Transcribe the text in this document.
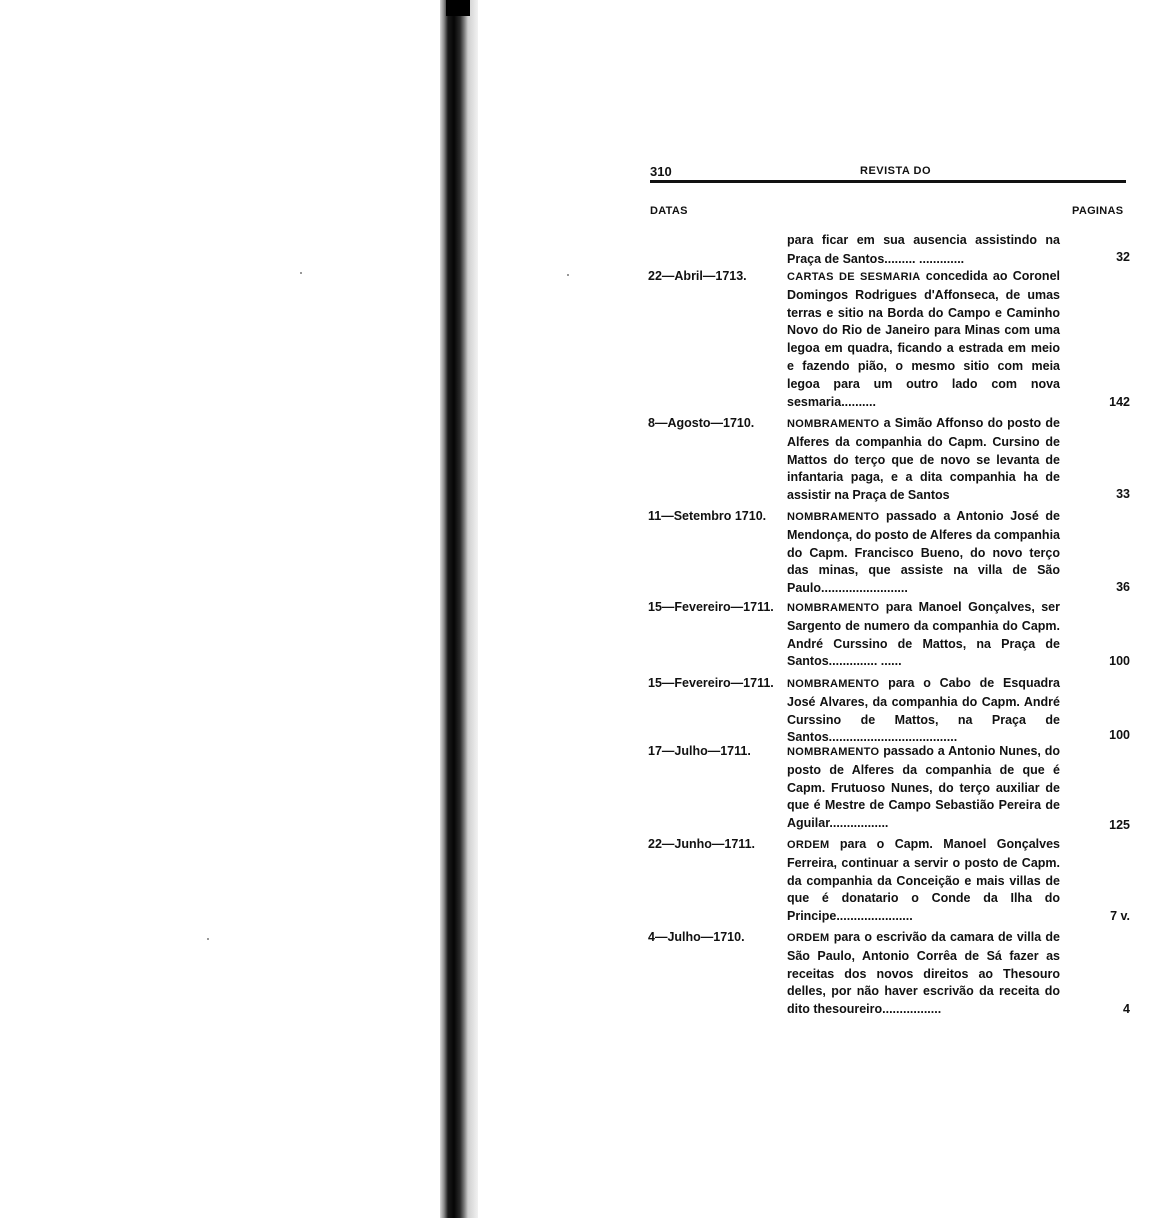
310	REVISTA DO
DATAS	PAGINAS
para ficar em sua ausencia assistindo na Praça de Santos......... .............	32
22—Abril—1713.	CARTAS DE SESMARIA concedida ao Coronel Domingos Rodrigues d'Affonseca, de umas terras e sitio na Borda do Campo e Caminho Novo do Rio de Janeiro para Minas com uma legoa em quadra, ficando a estrada em meio e fazendo pião, o mesmo sitio com meia legoa para um outro lado com nova sesmaria..........	142
8—Agosto—1710.	NOMBRAMENTO a Simão Affonso do posto de Alferes da companhia do Capm. Cursino de Mattos do terço que de novo se levanta de infantaria paga, e a dita companhia ha de assistir na Praça de Santos	33
11—Setembro 1710.	NOMBRAMENTO passado a Antonio José de Mendonça, do posto de Alferes da companhia do Capm. Francisco Bueno, do novo terço das minas, que assiste na villa de São Paulo.........................	36
15—Fevereiro—1711.	NOMBRAMENTO para Manoel Gonçalves, ser Sargento de numero da companhia do Capm. André Curssino de Mattos, na Praça de Santos.............. ......	100
15—Fevereiro—1711.	NOMBRAMENTO para o Cabo de Esquadra José Alvares, da companhia do Capm. André Curssino de Mattos, na Praça de Santos.....................................	100
17—Julho—1711.	NOMBRAMENTO passado a Antonio Nunes, do posto de Alferes da companhia de que é Capm. Frutuoso Nunes, do terço auxiliar de que é Mestre de Campo Sebastião Pereira de Aguilar.................	125
22—Junho—1711.	ORDEM para o Capm. Manoel Gonçalves Ferreira, continuar a servir o posto de Capm. da companhia da Conceição e mais villas de que é donatario o Conde da Ilha do Principe......................	7 v.
4—Julho—1710.	ORDEM para o escrivão da camara de villa de São Paulo, Antonio Corrêa de Sá fazer as receitas dos novos direitos ao Thesouro delles, por não haver escrivão da receita do dito thesoureiro.................	4
